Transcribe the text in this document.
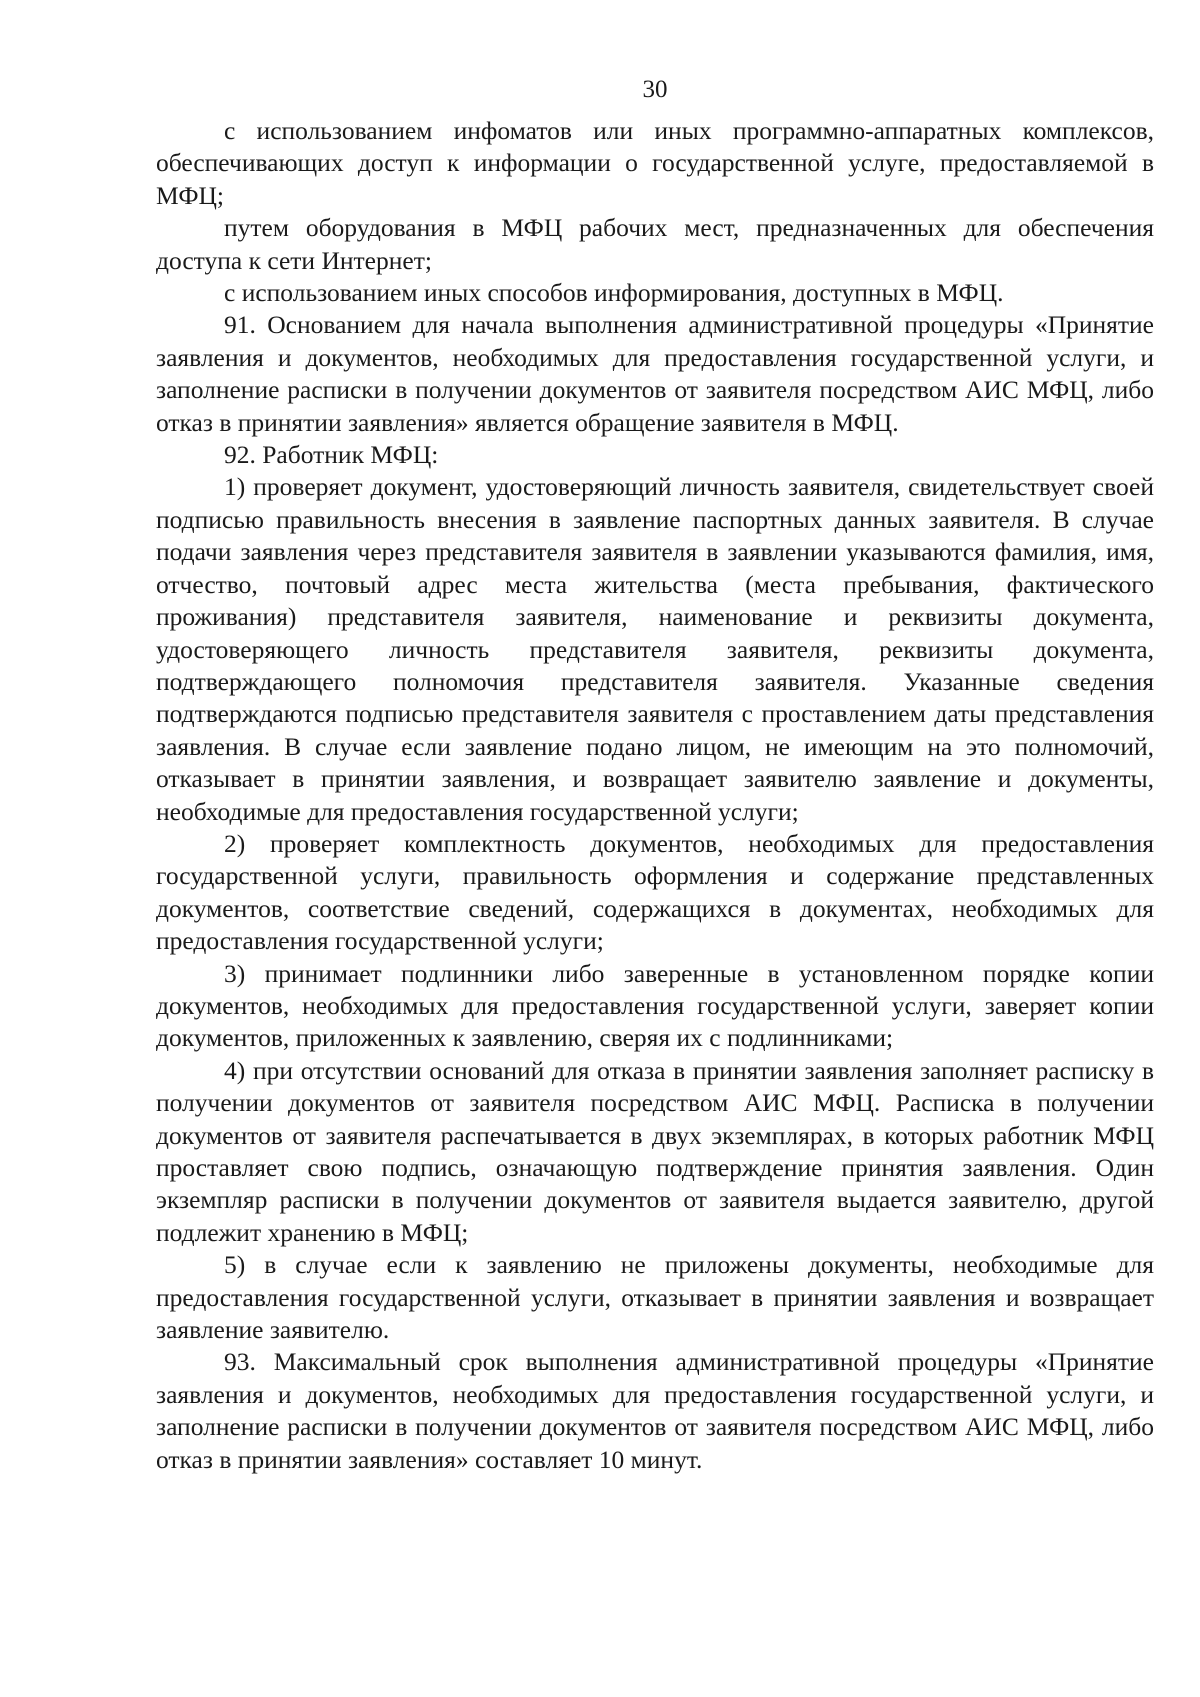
30

с использованием инфоматов или иных программно-аппаратных комплексов, обеспечивающих доступ к информации о государственной услуге, предоставляемой в МФЦ;

путем оборудования в МФЦ рабочих мест, предназначенных для обеспечения доступа к сети Интернет;

с использованием иных способов информирования, доступных в МФЦ.

91. Основанием для начала выполнения административной процедуры «Принятие заявления и документов, необходимых для предоставления государственной услуги, и заполнение расписки в получении документов от заявителя посредством АИС МФЦ, либо отказ в принятии заявления» является обращение заявителя в МФЦ.

92. Работник МФЦ:

1) проверяет документ, удостоверяющий личность заявителя, свидетельствует своей подписью правильность внесения в заявление паспортных данных заявителя. В случае подачи заявления через представителя заявителя в заявлении указываются фамилия, имя, отчество, почтовый адрес места жительства (места пребывания, фактического проживания) представителя заявителя, наименование и реквизиты документа, удостоверяющего личность представителя заявителя, реквизиты документа, подтверждающего полномочия представителя заявителя. Указанные сведения подтверждаются подписью представителя заявителя с проставлением даты представления заявления. В случае если заявление подано лицом, не имеющим на это полномочий, отказывает в принятии заявления, и возвращает заявителю заявление и документы, необходимые для предоставления государственной услуги;

2) проверяет комплектность документов, необходимых для предоставления государственной услуги, правильность оформления и содержание представленных документов, соответствие сведений, содержащихся в документах, необходимых для предоставления государственной услуги;

3) принимает подлинники либо заверенные в установленном порядке копии документов, необходимых для предоставления государственной услуги, заверяет копии документов, приложенных к заявлению, сверяя их с подлинниками;

4) при отсутствии оснований для отказа в принятии заявления заполняет расписку в получении документов от заявителя посредством АИС МФЦ. Расписка в получении документов от заявителя распечатывается в двух экземплярах, в которых работник МФЦ проставляет свою подпись, означающую подтверждение принятия заявления. Один экземпляр расписки в получении документов от заявителя выдается заявителю, другой подлежит хранению в МФЦ;

5) в случае если к заявлению не приложены документы, необходимые для предоставления государственной услуги, отказывает в принятии заявления и возвращает заявление заявителю.

93. Максимальный срок выполнения административной процедуры «Принятие заявления и документов, необходимых для предоставления государственной услуги, и заполнение расписки в получении документов от заявителя посредством АИС МФЦ, либо отказ в принятии заявления» составляет 10 минут.
